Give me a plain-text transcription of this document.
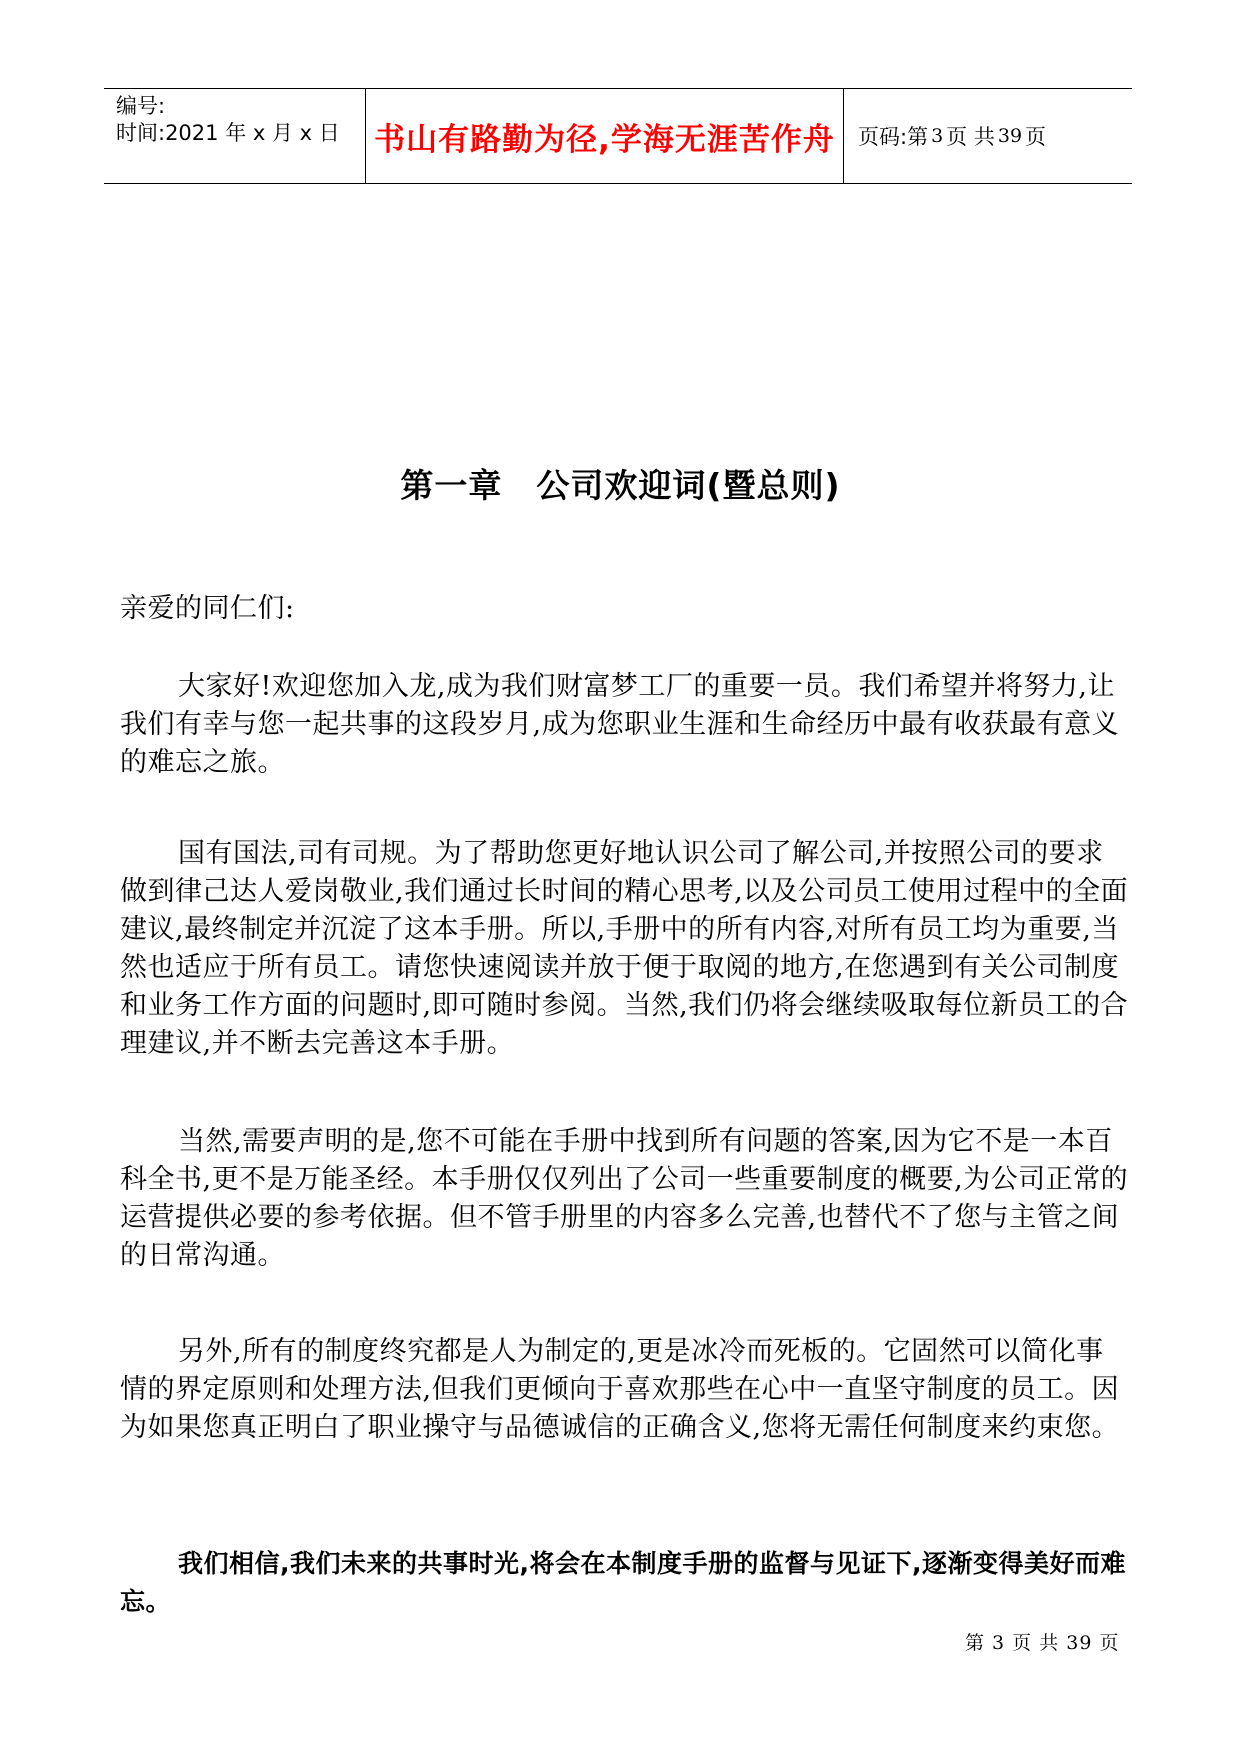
编号:
时间:2021 年 x 月 x 日	书山有路勤为径,学海无涯苦作舟	页码:第 3 页 共 39 页
第一章　公司欢迎词(暨总则)
亲爱的同仁们:

大家好!欢迎您加入龙,成为我们财富梦工厂的重要一员。我们希望并将努力,让我们有幸与您一起共事的这段岁月,成为您职业生涯和生命经历中最有收获最有意义的难忘之旅。

国有国法,司有司规。为了帮助您更好地认识公司了解公司,并按照公司的要求做到律己达人爱岗敬业,我们通过长时间的精心思考,以及公司员工使用过程中的全面建议,最终制定并沉淀了这本手册。所以,手册中的所有内容,对所有员工均为重要,当然也适应于所有员工。请您快速阅读并放于便于取阅的地方,在您遇到有关公司制度和业务工作方面的问题时,即可随时参阅。当然,我们仍将会继续吸取每位新员工的合理建议,并不断去完善这本手册。

当然,需要声明的是,您不可能在手册中找到所有问题的答案,因为它不是一本百科全书,更不是万能圣经。本手册仅仅列出了公司一些重要制度的概要,为公司正常的运营提供必要的参考依据。但不管手册里的内容多么完善,也替代不了您与主管之间的日常沟通。

另外,所有的制度终究都是人为制定的,更是冰冷而死板的。它固然可以简化事情的界定原则和处理方法,但我们更倾向于喜欢那些在心中一直坚守制度的员工。因为如果您真正明白了职业操守与品德诚信的正确含义,您将无需任何制度来约束您。

我们相信,我们未来的共事时光,将会在本制度手册的监督与见证下,逐渐变得美好而难忘。

第 3 页 共 39 页
